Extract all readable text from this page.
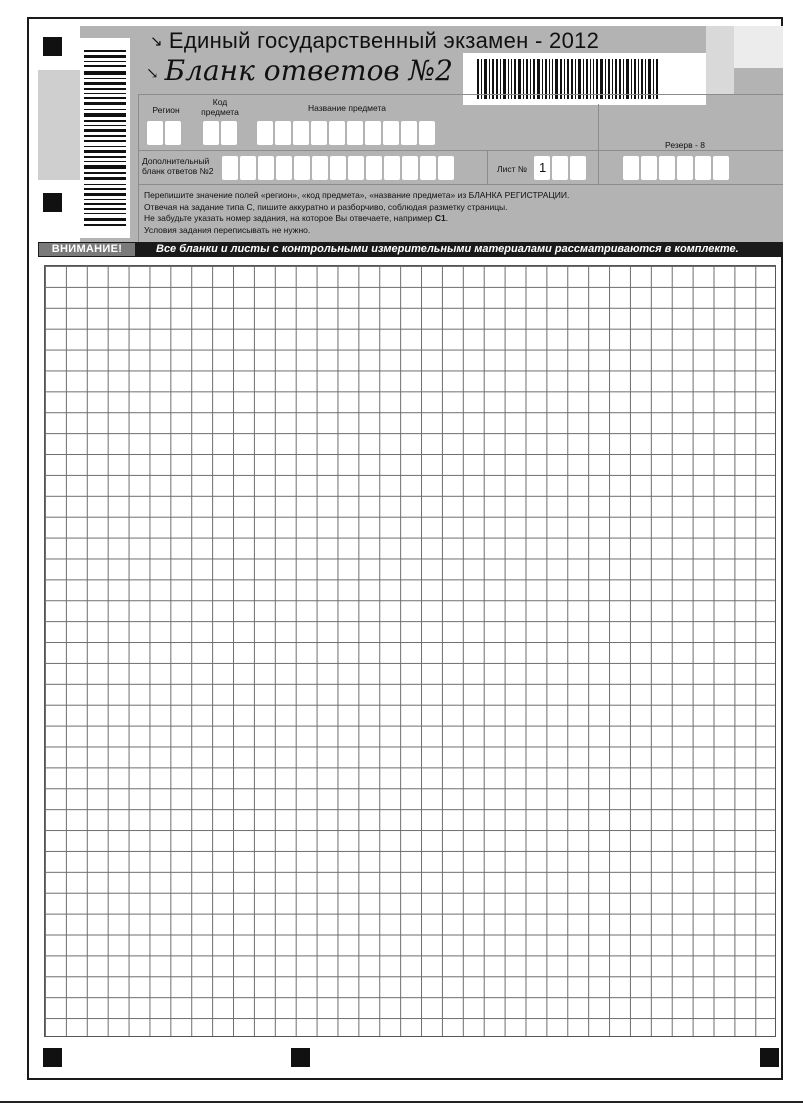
↘ Единый государственный экзамен - 2012
↘ Бланк ответов №2
Регион
Код предмета	Название предмета
Резерв - 8
Дополнительный бланк ответов №2	Лист № 1
Перепишите значение полей «регион», «код предмета», «название предмета» из БЛАНКА РЕГИСТРАЦИИ.
Отвечая на задание типа С, пишите аккуратно и разборчиво, соблюдая разметку страницы.
Не забудьте указать номер задания, на которое Вы отвечаете, например С1.
Условия задания переписывать не нужно.
ВНИМАНИЕ!	Все бланки и листы с контрольными измерительными материалами рассматриваются в комплекте.
